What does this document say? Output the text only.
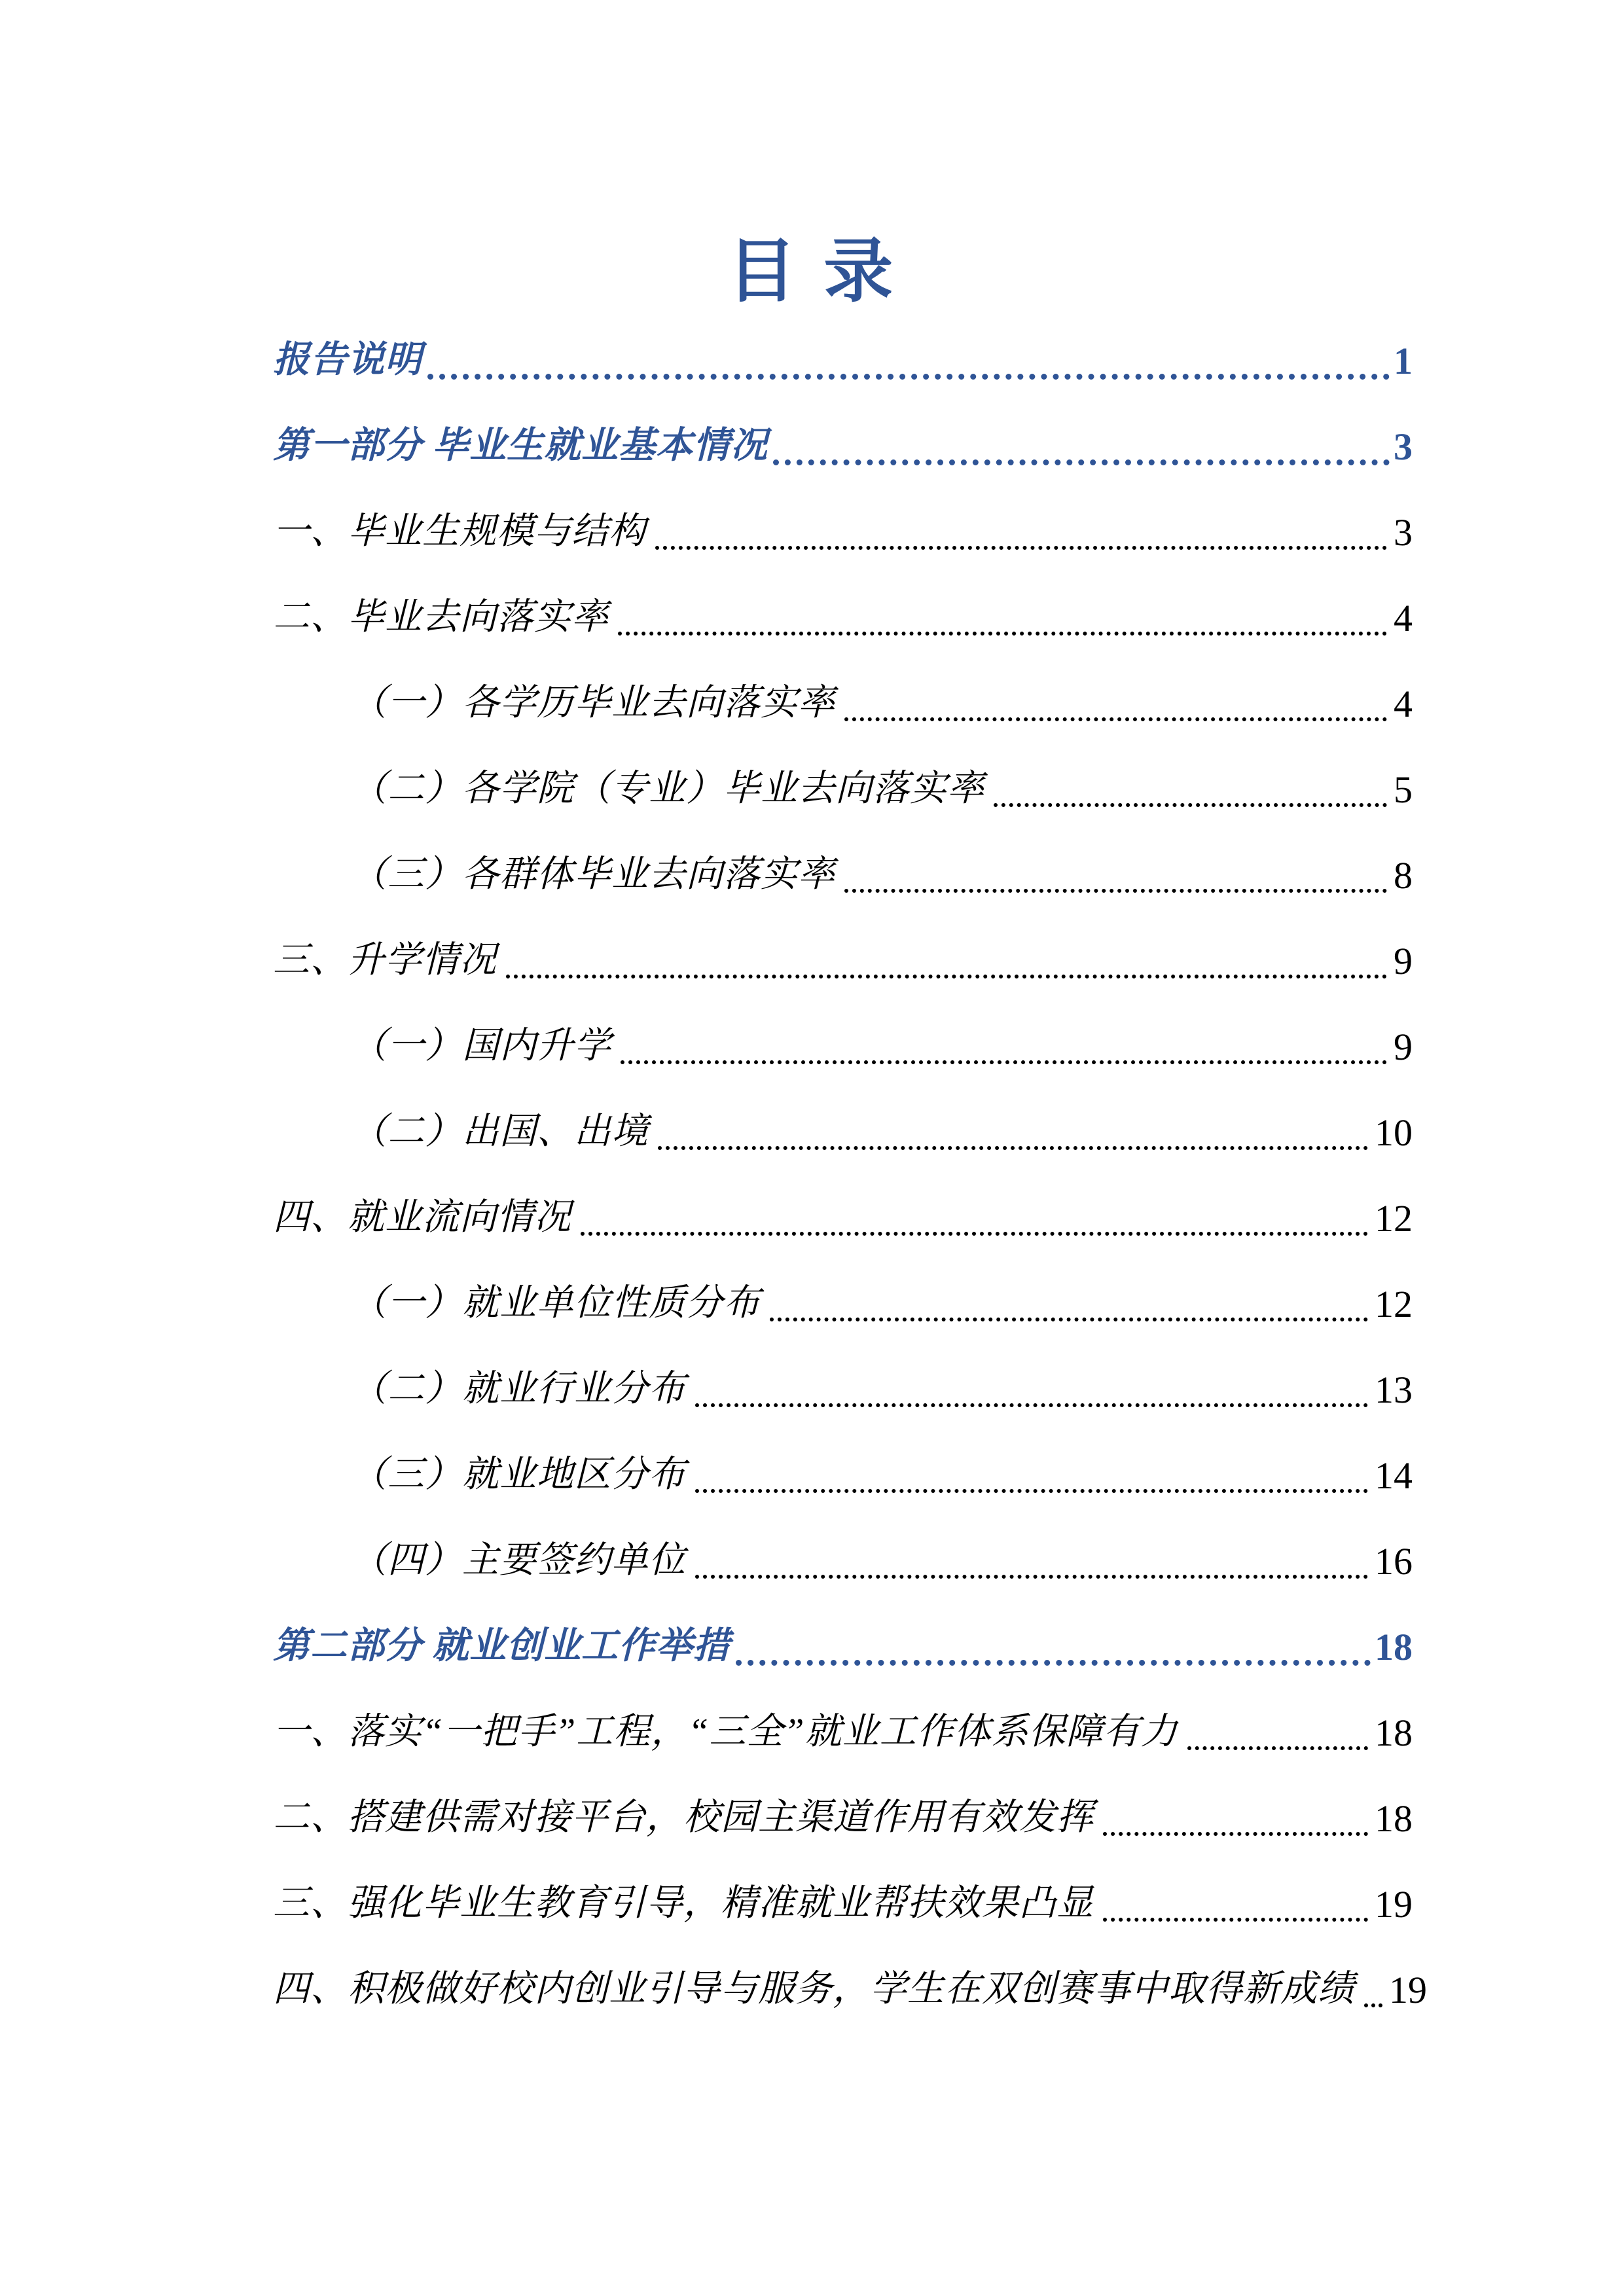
目 录
报告说明	1
第一部分 毕业生就业基本情况	3
一、毕业生规模与结构	3
二、毕业去向落实率	4
（一）各学历毕业去向落实率	4
（二）各学院（专业）毕业去向落实率	5
（三）各群体毕业去向落实率	8
三、升学情况	9
（一）国内升学	9
（二）出国、出境	10
四、就业流向情况	12
（一）就业单位性质分布	12
（二）就业行业分布	13
（三）就业地区分布	14
（四）主要签约单位	16
第二部分 就业创业工作举措	18
一、落实“一把手”工程，“三全”就业工作体系保障有力	18
二、搭建供需对接平台，校园主渠道作用有效发挥	18
三、强化毕业生教育引导，精准就业帮扶效果凸显	19
四、积极做好校内创业引导与服务，学生在双创赛事中取得新成绩 19
